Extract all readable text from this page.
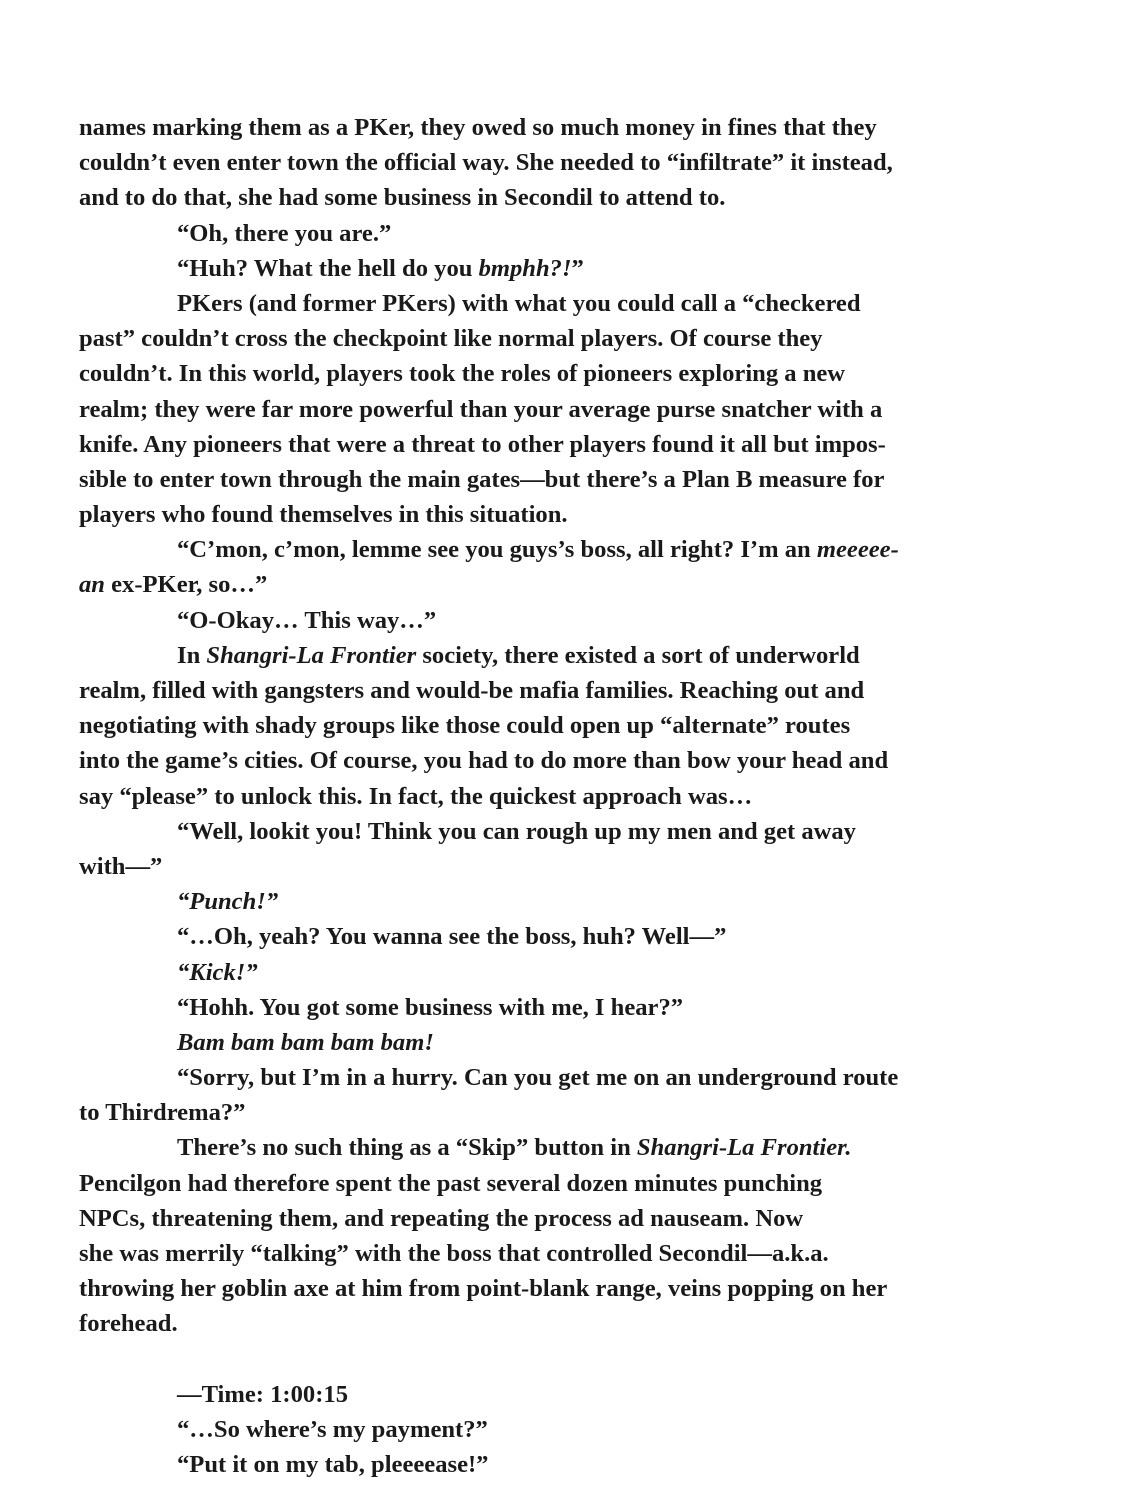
names marking them as a PKer, they owed so much money in fines that they
couldn’t even enter town the official way. She needed to “infiltrate” it instead,
and to do that, she had some business in Secondil to attend to.
“Oh, there you are.”
“Huh? What the hell do you bmphh?!”
PKers (and former PKers) with what you could call a “checkered
past” couldn’t cross the checkpoint like normal players. Of course they
couldn’t. In this world, players took the roles of pioneers exploring a new
realm; they were far more powerful than your average purse snatcher with a
knife. Any pioneers that were a threat to other players found it all but impos-
sible to enter town through the main gates—but there’s a Plan B measure for
players who found themselves in this situation.
“C’mon, c’mon, lemme see you guys’s boss, all right? I’m an meeeee-
an ex-PKer, so…”
“O-Okay… This way…”
In Shangri-La Frontier society, there existed a sort of underworld
realm, filled with gangsters and would-be mafia families. Reaching out and
negotiating with shady groups like those could open up “alternate” routes
into the game’s cities. Of course, you had to do more than bow your head and
say “please” to unlock this. In fact, the quickest approach was…
“Well, lookit you! Think you can rough up my men and get away
with—”
“Punch!”
“…Oh, yeah? You wanna see the boss, huh? Well—”
“Kick!”
“Hohh. You got some business with me, I hear?”
Bam bam bam bam bam!
“Sorry, but I’m in a hurry. Can you get me on an underground route
to Thirdrema?”
There’s no such thing as a “Skip” button in Shangri-La Frontier.
Pencilgon had therefore spent the past several dozen minutes punching
NPCs, threatening them, and repeating the process ad nauseam. Now
she was merrily “talking” with the boss that controlled Secondil—a.k.a.
throwing her goblin axe at him from point-blank range, veins popping on her
forehead.
—Time: 1:00:15
“…So where’s my payment?”
“Put it on my tab, pleeeease!”
